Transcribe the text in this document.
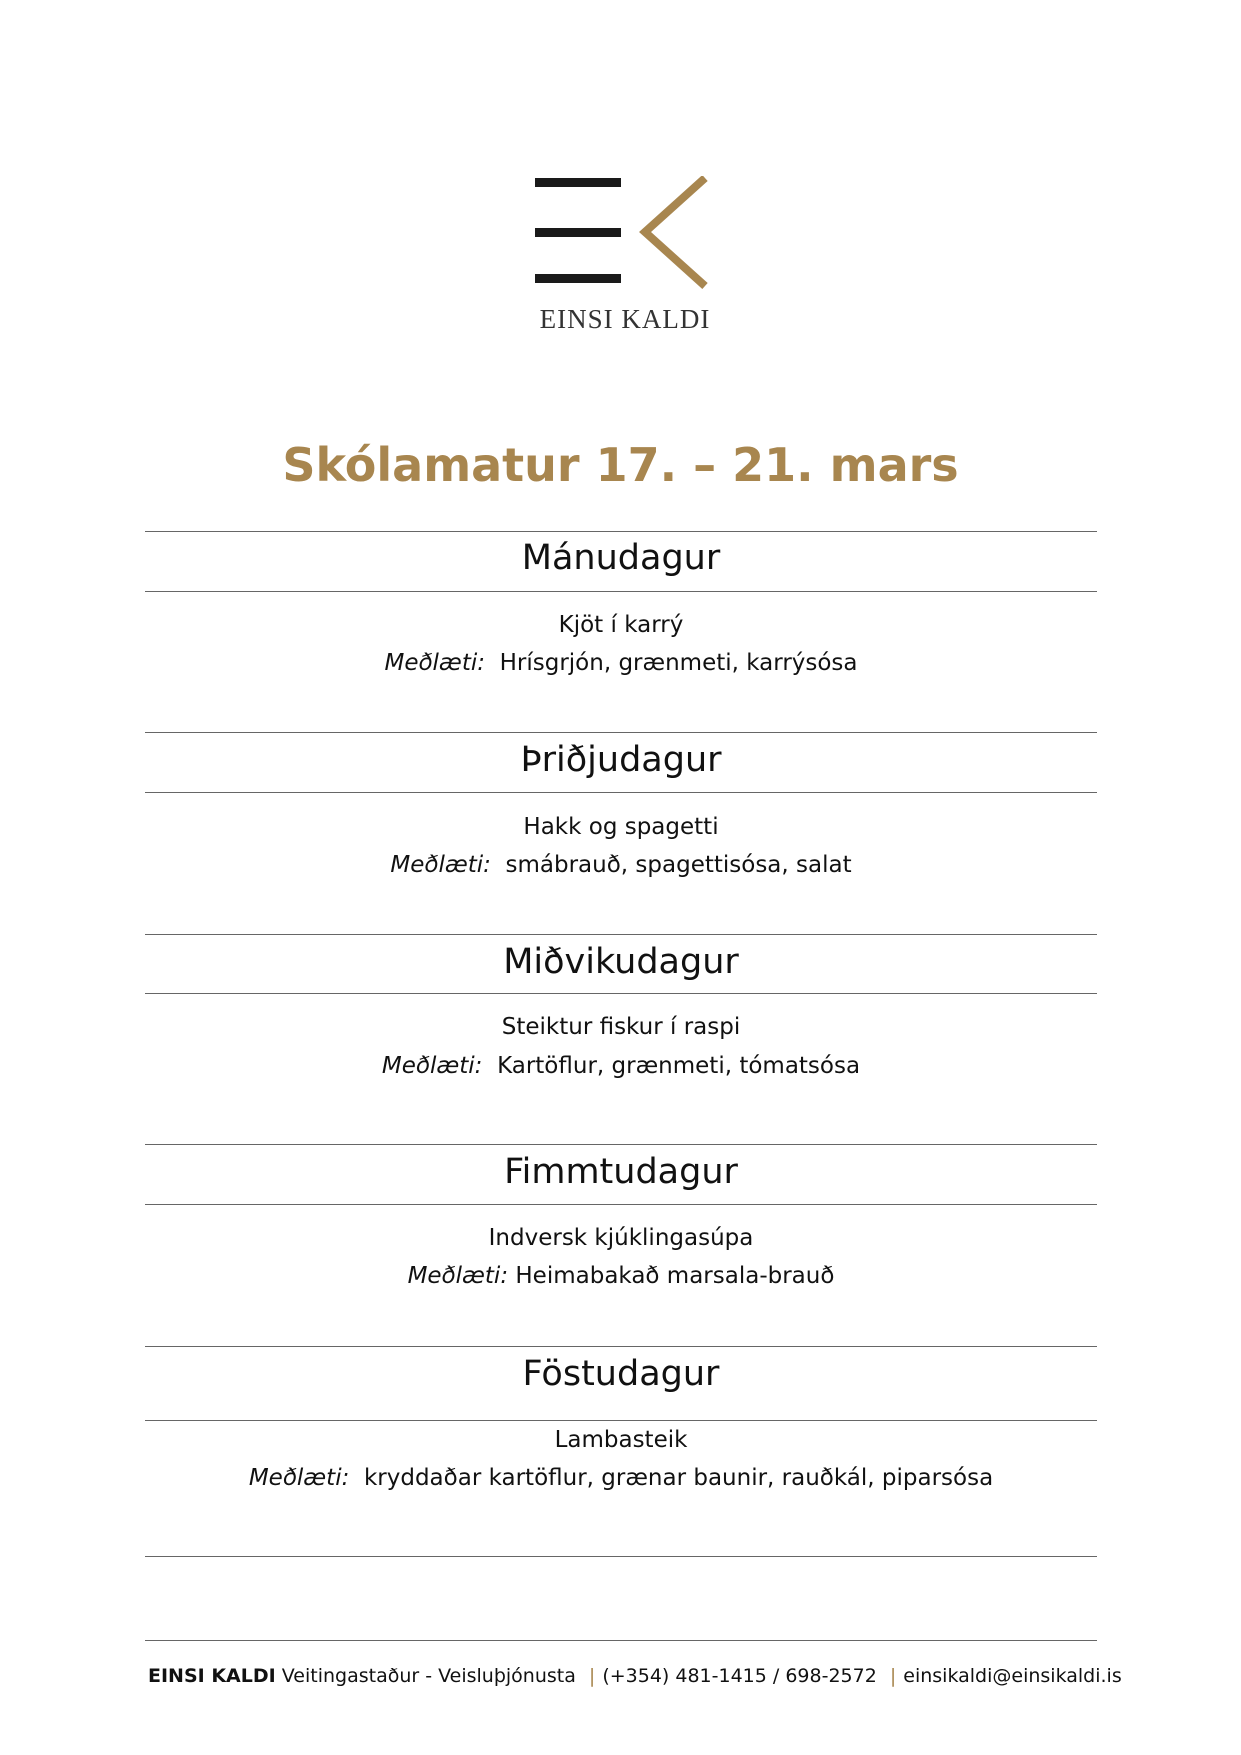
EINSI KALDI
Skólamatur 17. – 21. mars
Mánudagur
Kjöt í karrý
Meðlæti: Hrísgrjón, grænmeti, karrýsósa
Þriðjudagur
Hakk og spagetti
Meðlæti: smábrauð, spagettisósa, salat
Miðvikudagur
Steiktur fiskur í raspi
Meðlæti: Kartöflur, grænmeti, tómatsósa
Fimmtudagur
Indversk kjúklingasúpa
Meðlæti: Heimabakað marsala-brauð
Föstudagur
Lambasteik
Meðlæti: kryddaðar kartöflur, grænar baunir, rauðkál, piparsósa
EINSI KALDI Veitingastaður - Veisluþjónusta | (+354) 481-1415 / 698-2572 | einsikaldi@einsikaldi.is
